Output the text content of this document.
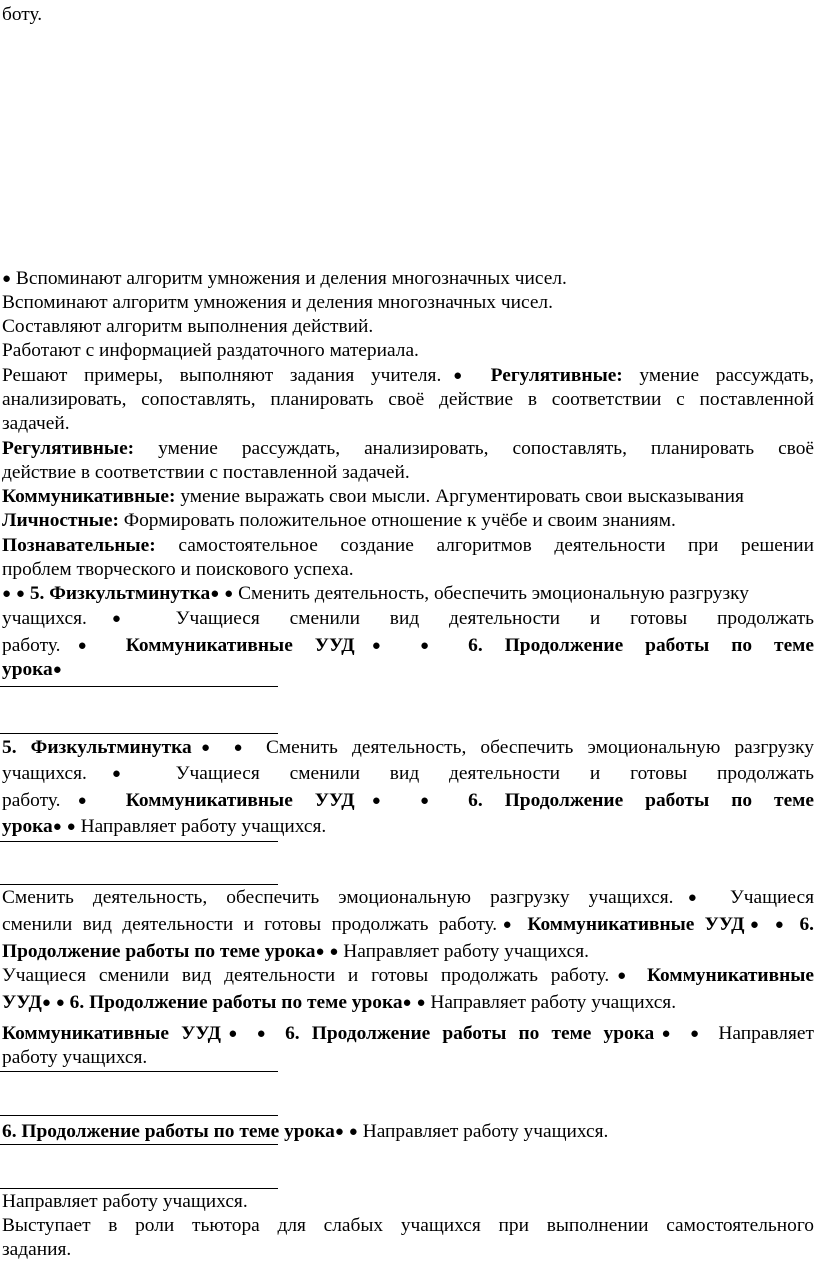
боту.
● Вспоминают алгоритм умножения и деления многозначных чисел.
Вспоминают алгоритм умножения и деления многозначных чисел.
Составляют алгоритм выполнения действий.
Работают с информацией раздаточного материала.
Решают примеры, выполняют задания учителя.● Регулятивные: умение рассуждать,
анализировать, сопоставлять, планировать своё действие в соответствии с поставленной
задачей.
Регулятивные: умение рассуждать, анализировать, сопоставлять, планировать своё
действие в соответствии с поставленной задачей.
Коммуникативные: умение выражать свои мысли. Аргументировать свои высказывания
Личностные: Формировать положительное отношение к учёбе и своим знаниям.
Познавательные: самостоятельное создание алгоритмов деятельности при решении
проблем творческого и поискового успеха.
● ● 5. Физкультминутка● ● Сменить деятельность, обеспечить эмоциональную разгрузку
учащихся.● Учащиеся сменили вид деятельности и готовы продолжать
работу.● Коммуникативные УУД● ● 6. Продолжение работы по теме
урока●
5. Физкультминутка● ● Сменить деятельность, обеспечить эмоциональную разгрузку
учащихся.● Учащиеся сменили вид деятельности и готовы продолжать
работу.● Коммуникативные УУД● ● 6. Продолжение работы по теме
урока● ● Направляет работу учащихся.
Сменить деятельность, обеспечить эмоциональную разгрузку учащихся.● Учащиеся
сменили вид деятельности и готовы продолжать работу.● Коммуникативные УУД● ● 6.
Продолжение работы по теме урока● ● Направляет работу учащихся.
Учащиеся сменили вид деятельности и готовы продолжать работу.● Коммуникативные
УУД● ● 6. Продолжение работы по теме урока● ● Направляет работу учащихся.
Коммуникативные УУД● ● 6. Продолжение работы по теме урока● ● Направляет
работу учащихся.
6. Продолжение работы по теме урока● ● Направляет работу учащихся.
Направляет работу учащихся.
Выступает в роли тьютора для слабых учащихся при выполнении самостоятельного
задания.
